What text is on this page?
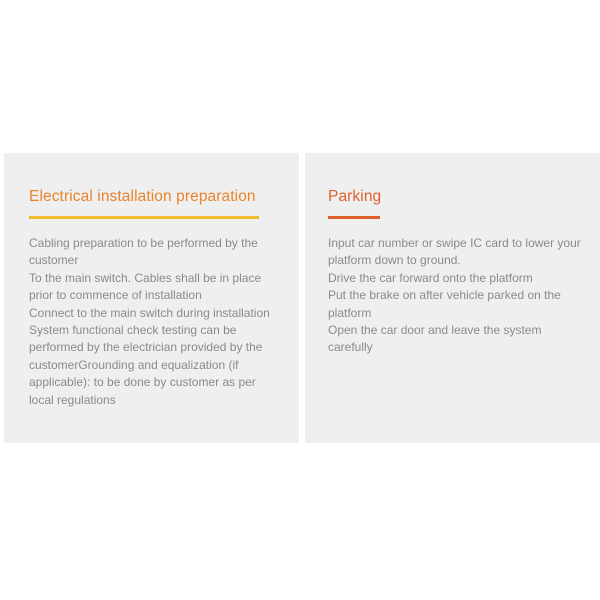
Electrical installation preparation
Cabling preparation to be performed by the customer
To the main switch. Cables shall be in place prior to commence of installation
Connect to the main switch during installation
System functional check testing can be performed by the electrician provided by the customerGrounding and equalization (if applicable): to be done by customer as per local regulations
Parking
Input car number or swipe IC card to lower your platform down to ground.
Drive the car forward onto the platform
Put the brake on after vehicle parked on the platform
Open the car door and leave the system carefully
